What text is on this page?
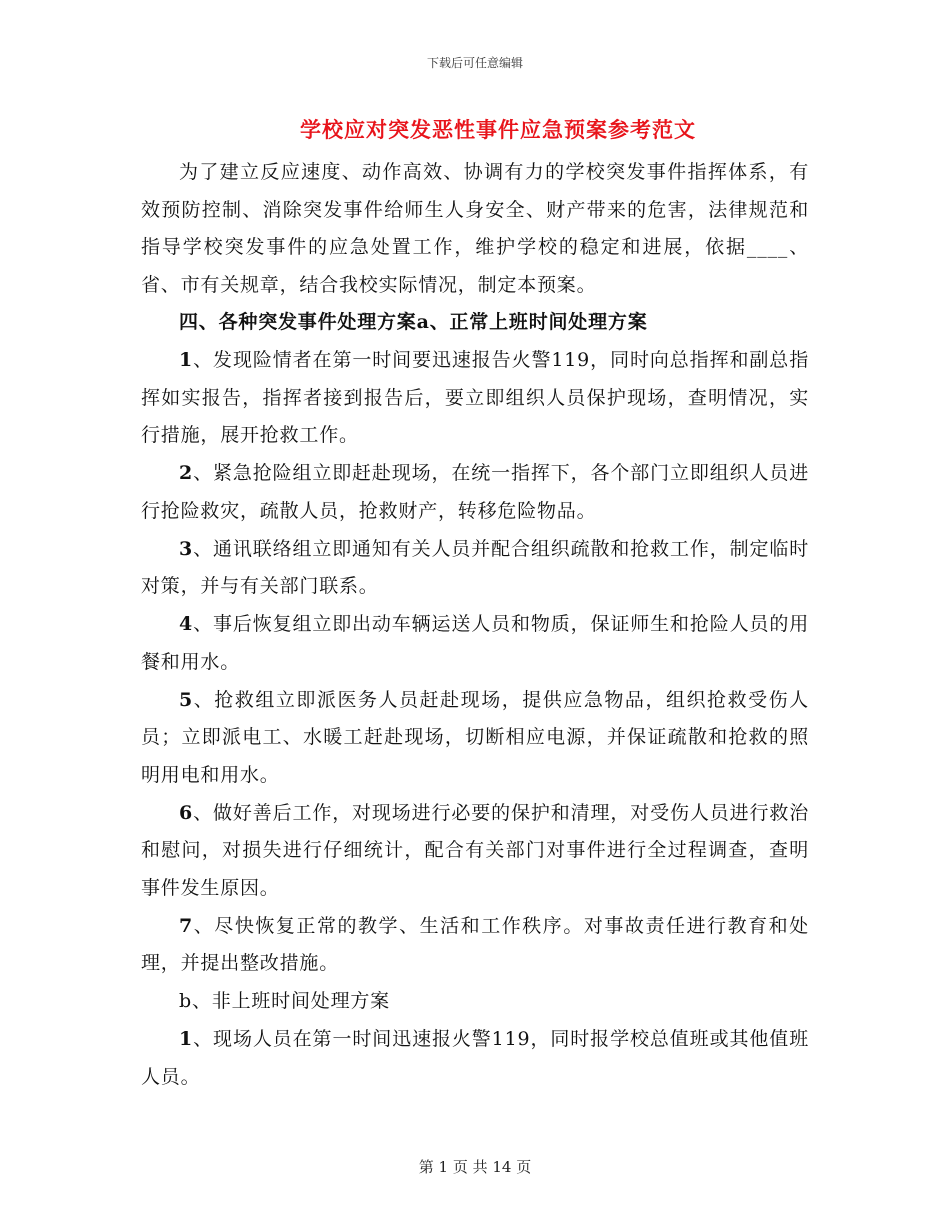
下载后可任意编辑
学校应对突发恶性事件应急预案参考范文

为了建立反应速度、动作高效、协调有力的学校突发事件指挥体系，有效预防控制、消除突发事件给师生人身安全、财产带来的危害，法律规范和指导学校突发事件的应急处置工作，维护学校的稳定和进展，依据____、省、市有关规章，结合我校实际情况，制定本预案。

四、各种突发事件处理方案a、正常上班时间处理方案

1、发现险情者在第一时间要迅速报告火警119，同时向总指挥和副总指挥如实报告，指挥者接到报告后，要立即组织人员保护现场，查明情况，实行措施，展开抢救工作。

2、紧急抢险组立即赶赴现场，在统一指挥下，各个部门立即组织人员进行抢险救灾，疏散人员，抢救财产，转移危险物品。

3、通讯联络组立即通知有关人员并配合组织疏散和抢救工作，制定临时对策，并与有关部门联系。

4、事后恢复组立即出动车辆运送人员和物质，保证师生和抢险人员的用餐和用水。

5、抢救组立即派医务人员赶赴现场，提供应急物品，组织抢救受伤人员；立即派电工、水暖工赶赴现场，切断相应电源，并保证疏散和抢救的照明用电和用水。

6、做好善后工作，对现场进行必要的保护和清理，对受伤人员进行救治和慰问，对损失进行仔细统计，配合有关部门对事件进行全过程调查，查明事件发生原因。

7、尽快恢复正常的教学、生活和工作秩序。对事故责任进行教育和处理，并提出整改措施。

b、非上班时间处理方案

1、现场人员在第一时间迅速报火警119，同时报学校总值班或其他值班人员。

第 1 页 共 14 页
